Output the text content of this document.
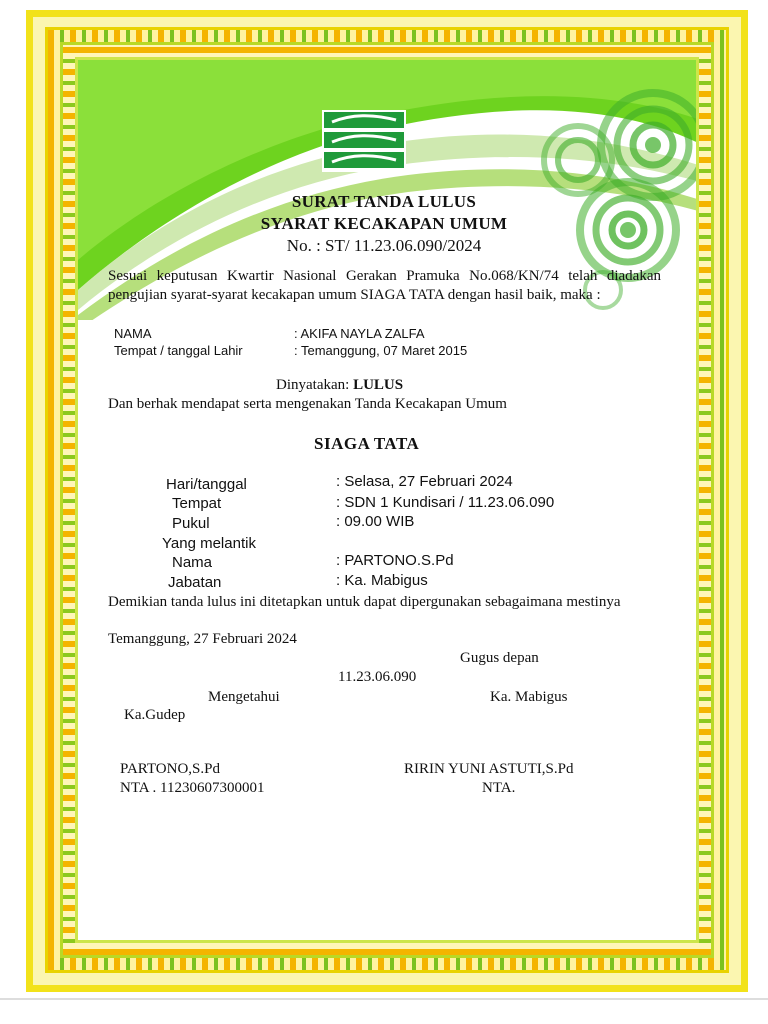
SURAT TANDA LULUS
SYARAT KECAKAPAN UMUM
No. : ST/ 11.23.06.090/2024
Sesuai keputusan Kwartir Nasional Gerakan Pramuka No.068/KN/74 telah diadakan pengujian syarat-syarat kecakapan umum SIAGA TATA dengan hasil baik, maka :
NAMA	: AKIFA NAYLA ZALFA
Tempat / tanggal Lahir	: Temanggung, 07 Maret 2015
Dinyatakan: LULUS
Dan berhak mendapat serta mengenakan Tanda Kecakapan Umum
SIAGA TATA
Hari/tanggal	: Selasa, 27 Februari 2024
Tempat	: SDN 1 Kundisari / 11.23.06.090
Pukul	: 09.00 WIB
Yang melantik
Nama	: PARTONO.S.Pd
Jabatan	: Ka. Mabigus
Demikian tanda lulus ini ditetapkan untuk dapat dipergunakan sebagaimana mestinya
Temanggung, 27 Februari 2024
Gugus depan
11.23.06.090
Mengetahui	Ka. Mabigus
Ka.Gudep
PARTONO,S.Pd	RIRIN YUNI ASTUTI,S.Pd
NTA . 11230607300001	NTA.
